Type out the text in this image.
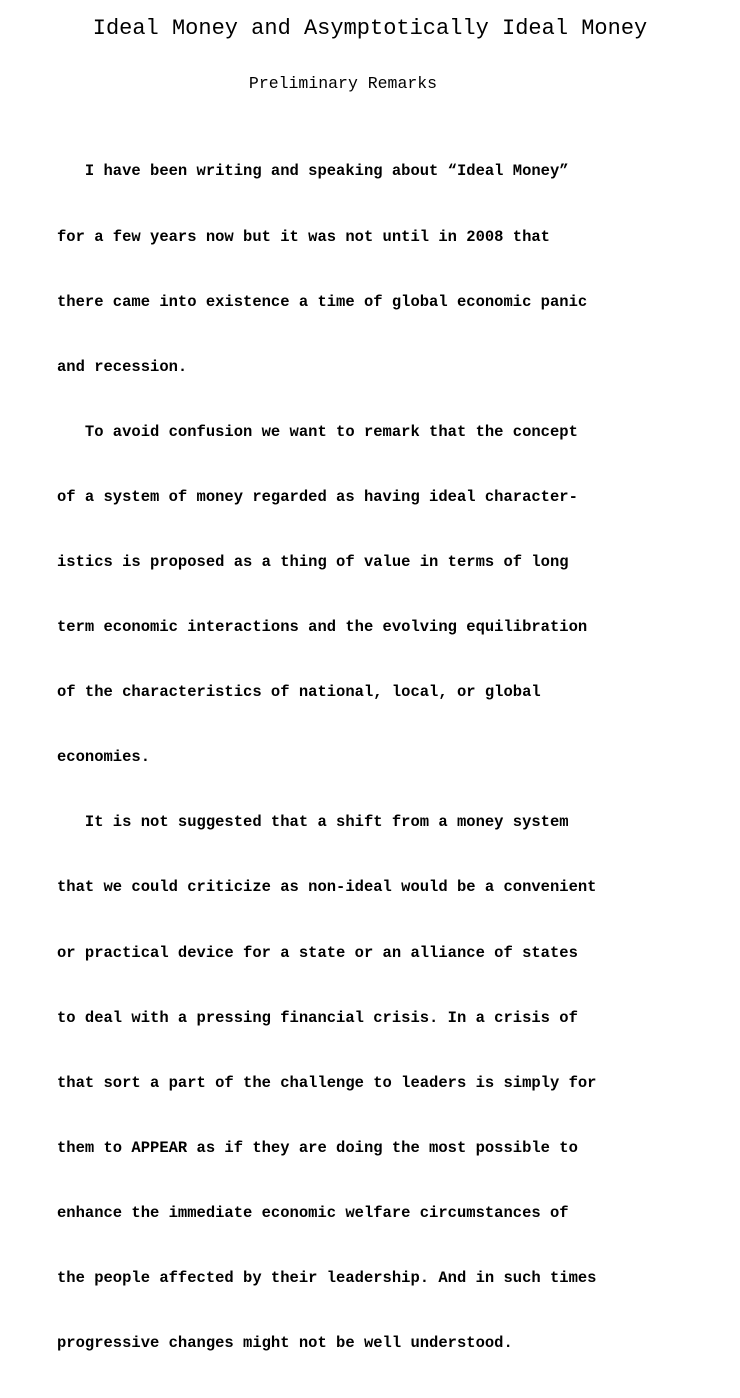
Ideal Money and Asymptotically Ideal Money
Preliminary Remarks

I have been writing and speaking about “Ideal Money”

for a few years now but it was not until in 2008 that

there came into existence a time of global economic panic

and recession.

To avoid confusion we want to remark that the concept

of a system of money regarded as having ideal character-

istics is proposed as a thing of value in terms of long

term economic interactions and the evolving equilibration

of the characteristics of national, local, or global

economies.

It is not suggested that a shift from a money system

that we could criticize as non-ideal would be a convenient

or practical device for a state or an alliance of states

to deal with a pressing financial crisis. In a crisis of

that sort a part of the challenge to leaders is simply for

them to APPEAR as if they are doing the most possible to

enhance the immediate economic welfare circumstances of

the people affected by their leadership. And in such times

progressive changes might not be well understood.
